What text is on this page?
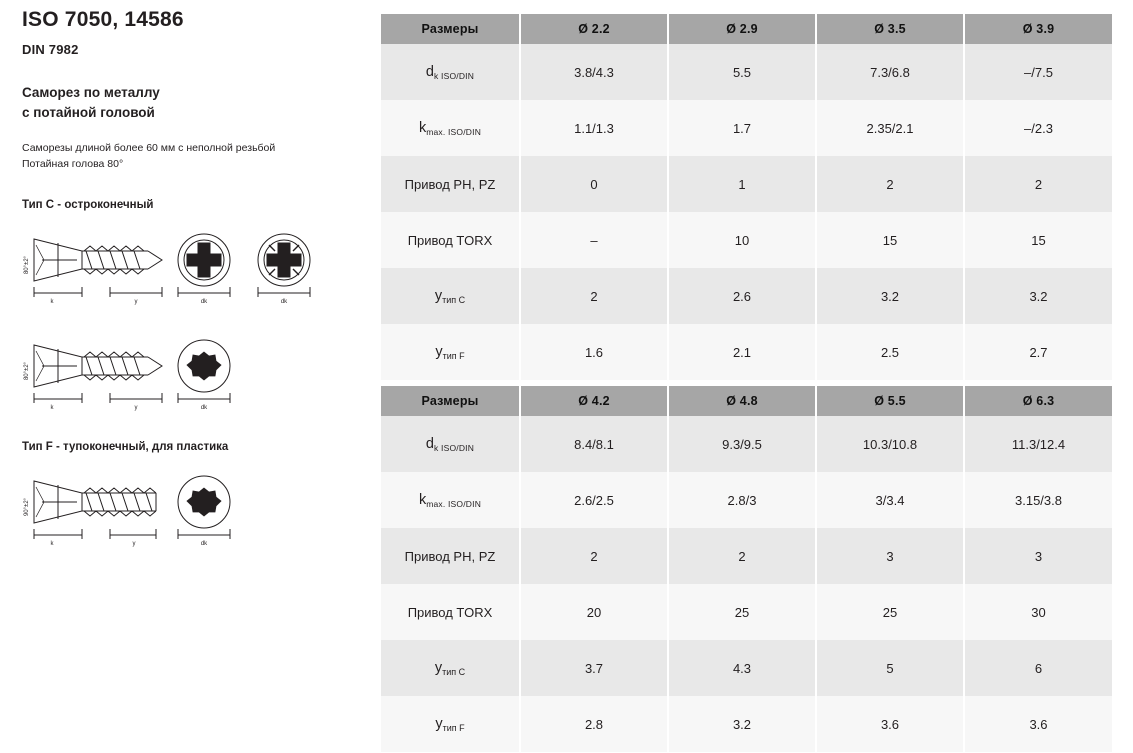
ISO 7050, 14586
DIN 7982
Саморез по металлу
с потайной головой
Саморезы длиной более 60 мм с неполной резьбой
Потайная голова 80°
Тип С - остроконечный
k	y
80°±2°
dk	dk
k	y
80°±2°
dk
Тип F - тупоконечный, для пластика
k	y
90°±2°
dk
Размеры	Ø 2.2	Ø 2.9	Ø 3.5	Ø 3.9
$d_{k ISO/DIN}$	3.8/4.3	5.5	7.3/6.8	–/7.5
$k_{max. ISO/DIN}$	1.1/1.3	1.7	2.35/2.1	–/2.3
Привод PH, PZ	0	1	2	2
Привод TORX	–	10	15	15
$y_{тип С}$	2	2.6	3.2	3.2
$y_{тип F}$	1.6	2.1	2.5	2.7
Размеры	Ø 4.2	Ø 4.8	Ø 5.5	Ø 6.3
$d_{k ISO/DIN}$	8.4/8.1	9.3/9.5	10.3/10.8	11.3/12.4
$k_{max. ISO/DIN}$	2.6/2.5	2.8/3	3/3.4	3.15/3.8
Привод PH, PZ	2	2	3	3
Привод TORX	20	25	25	30
$y_{тип С}$	3.7	4.3	5	6
$y_{тип F}$	2.8	3.2	3.6	3.6
